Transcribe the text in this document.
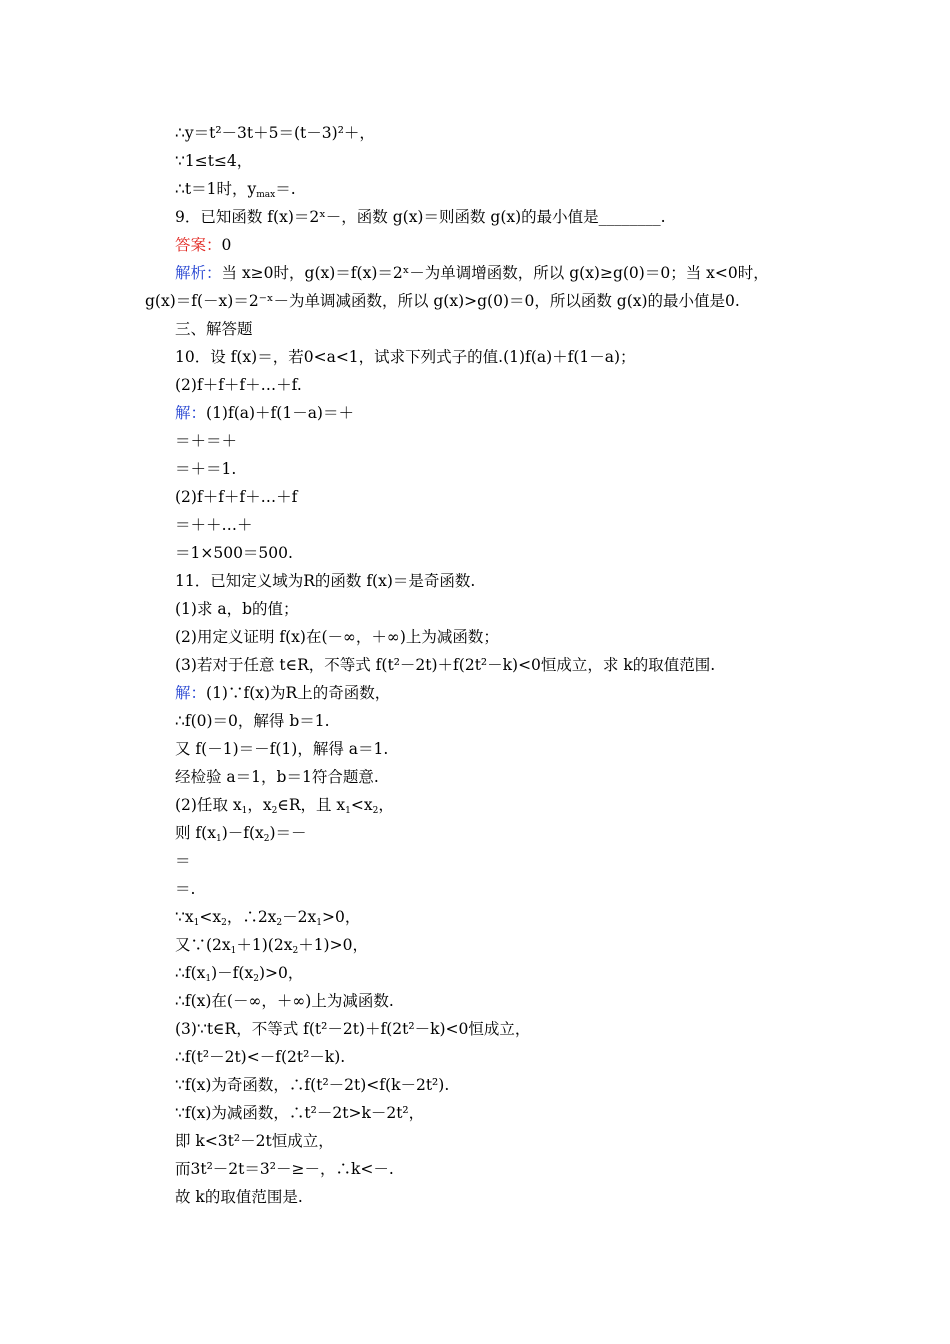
∴y＝t²－3t＋5＝(t－3)²＋，
∵1≤t≤4，
∴t＝1时，$y_{max}=$.
9．已知函数 f(x)＝2ˣ－，函数 g(x)＝则函数 g(x)的最小值是________.
答案：0
解析：当 x≥0时，g(x)＝f(x)＝2ˣ－为单调增函数，所以 g(x)≥g(0)＝0；当 x<0时，
g(x)＝f(－x)＝2⁻ˣ－为单调减函数，所以 g(x)>g(0)＝0，所以函数 g(x)的最小值是0.
三、解答题
10．设 f(x)＝，若0<a<1，试求下列式子的值.(1)f(a)＋f(1－a)；
(2)f＋f＋f＋…＋f.
解：(1)f(a)＋f(1－a)＝＋
＝＋＝＋
＝＋＝1.
(2)f＋f＋f＋…＋f
＝＋＋…＋
＝1×500＝500.
11．已知定义域为R的函数 f(x)＝是奇函数.
(1)求 a，b的值；
(2)用定义证明 f(x)在(－∞，＋∞)上为减函数；
(3)若对于任意 t∈R，不等式 f(t²－2t)＋f(2t²－k)<0恒成立，求 k的取值范围.
解：(1)∵f(x)为R上的奇函数，
∴f(0)＝0，解得 b＝1.
又 f(－1)＝－f(1)，解得 a＝1.
经检验 a＝1，b＝1符合题意.
(2)任取 $x_1$，$x_2\in R$，且 $x_1<x_2$，
则 $f(x_1)-f(x_2)=-$
＝
＝.
$\because x_1<x_2$，$\therefore 2x_2-2x_1>0$，
又$\because(2x_1+1)(2x_2+1)>0$，
$\therefore f(x_1)-f(x_2)>0$，
∴f(x)在(－∞，＋∞)上为减函数.
(3)∵t∈R，不等式 f(t²－2t)＋f(2t²－k)<0恒成立，
∴f(t²－2t)<－f(2t²－k).
∵f(x)为奇函数，∴f(t²－2t)<f(k－2t²).
∵f(x)为减函数，∴t²－2t>k－2t²，
即 k<3t²－2t恒成立，
而3t²－2t＝3²－≥－，∴k<－.
故 k的取值范围是.
